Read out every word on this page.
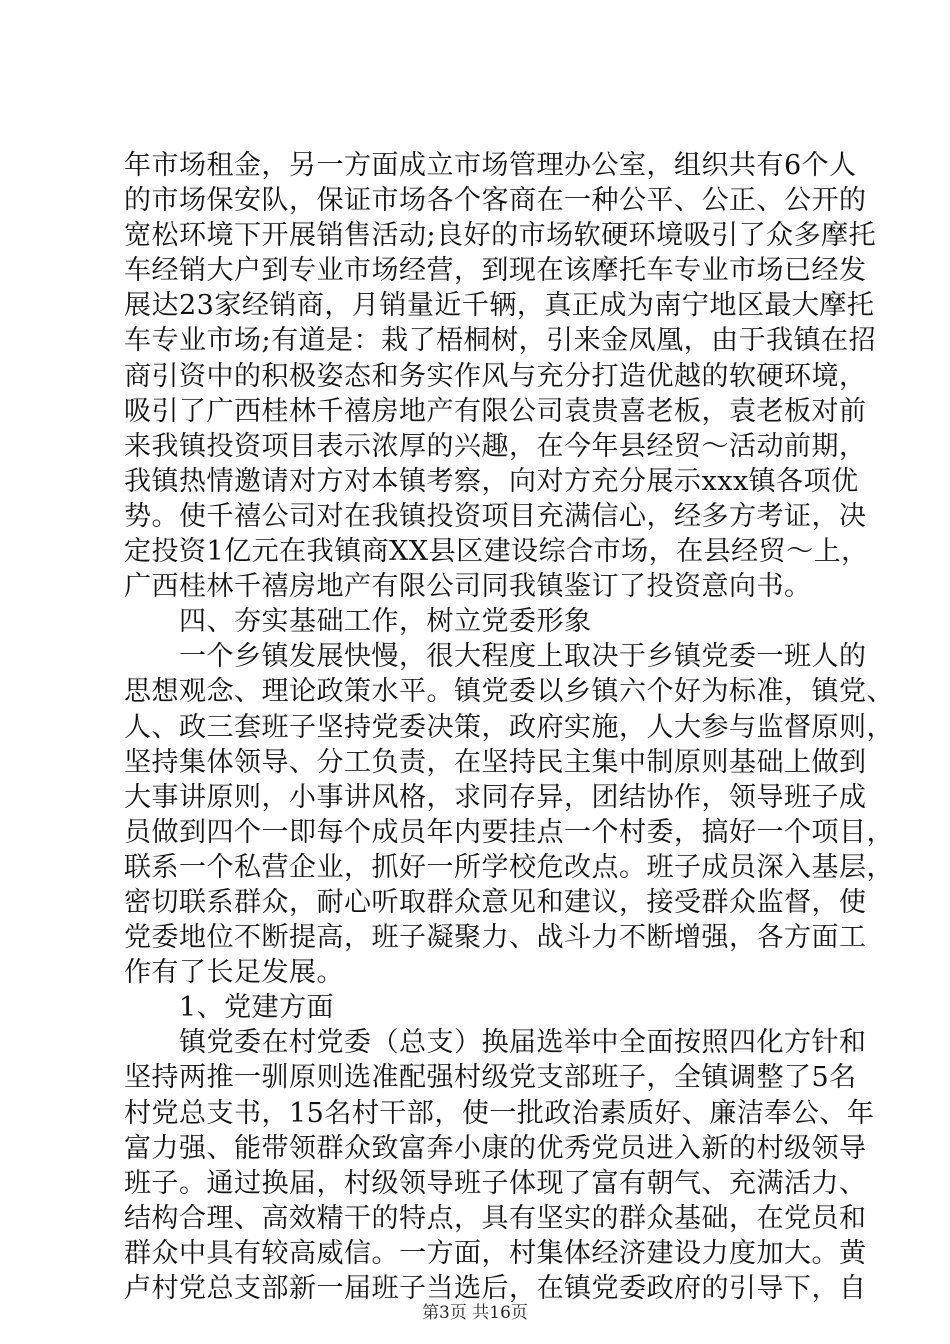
年市场租金，另一方面成立市场管理办公室，组织共有6个人
的市场保安队，保证市场各个客商在一种公平、公正、公开的
宽松环境下开展销售活动;良好的市场软硬环境吸引了众多摩托
车经销大户到专业市场经营，到现在该摩托车专业市场已经发
展达23家经销商，月销量近千辆，真正成为南宁地区最大摩托
车专业市场;有道是：栽了梧桐树，引来金凤凰，由于我镇在招
商引资中的积极姿态和务实作风与充分打造优越的软硬环境，
吸引了广西桂林千禧房地产有限公司袁贵喜老板，袁老板对前
来我镇投资项目表示浓厚的兴趣，在今年县经贸～活动前期，
我镇热情邀请对方对本镇考察，向对方充分展示xxx镇各项优
势。使千禧公司对在我镇投资项目充满信心，经多方考证，决
定投资1亿元在我镇商XX县区建设综合市场，在县经贸～上，
广西桂林千禧房地产有限公司同我镇鉴订了投资意向书。
　　四、夯实基础工作，树立党委形象
　　一个乡镇发展快慢，很大程度上取决于乡镇党委一班人的
思想观念、理论政策水平。镇党委以乡镇六个好为标准，镇党、
人、政三套班子坚持党委决策，政府实施，人大参与监督原则，
坚持集体领导、分工负责，在坚持民主集中制原则基础上做到
大事讲原则，小事讲风格，求同存异，团结协作，领导班子成
员做到四个一即每个成员年内要挂点一个村委，搞好一个项目，
联系一个私营企业，抓好一所学校危改点。班子成员深入基层，
密切联系群众，耐心听取群众意见和建议，接受群众监督，使
党委地位不断提高，班子凝聚力、战斗力不断增强，各方面工
作有了长足发展。
　　1、党建方面
　　镇党委在村党委（总支）换届选举中全面按照四化方针和
坚持两推一驯原则选准配强村级党支部班子，全镇调整了5名
村党总支书，15名村干部，使一批政治素质好、廉洁奉公、年
富力强、能带领群众致富奔小康的优秀党员进入新的村级领导
班子。通过换届，村级领导班子体现了富有朝气、充满活力、
结构合理、高效精干的特点，具有坚实的群众基础，在党员和
群众中具有较高威信。一方面，村集体经济建设力度加大。黄
卢村党总支部新一届班子当选后，在镇党委政府的引导下，自
第3页 共16页
